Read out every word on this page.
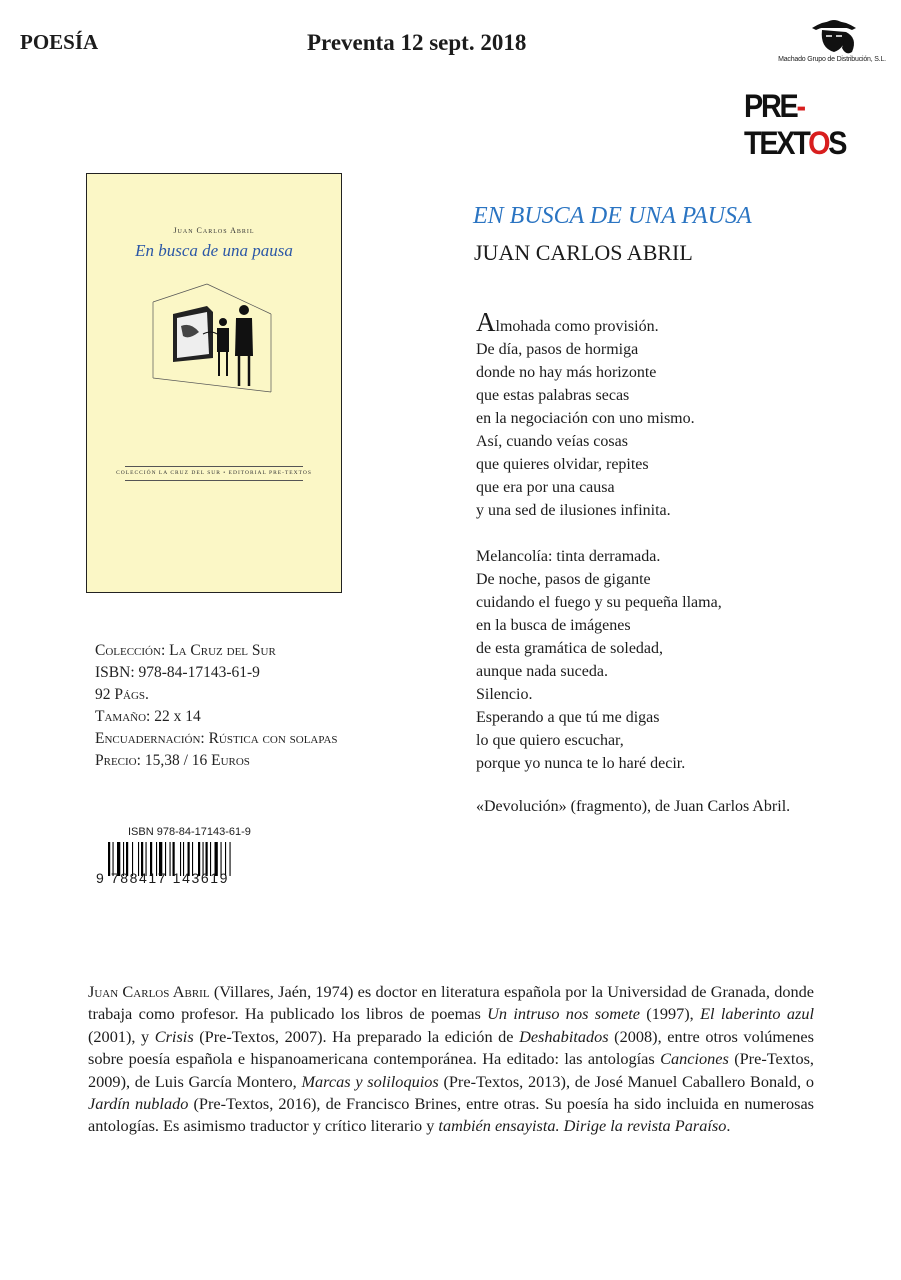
POESÍA	Preventa 12 sept. 2018
Machado Grupo de Distribución, S.L.
PRE-TEXTOS
Juan Carlos Abril
En busca de una pausa
COLECCIÓN LA CRUZ DEL SUR • EDITORIAL PRE-TEXTOS
Colección: La Cruz del Sur
ISBN: 978-84-17143-61-9
92 Págs.
Tamaño: 22 x 14
Encuadernación: Rústica con solapas
Precio: 15,38 / 16 Euros
ISBN 978-84-17143-61-9
9 788417 143619
EN BUSCA DE UNA PAUSA
JUAN CARLOS ABRIL
Almohada como provisión.
De día, pasos de hormiga
donde no hay más horizonte
que estas palabras secas
en la negociación con uno mismo.
Así, cuando veías cosas
que quieres olvidar, repites
que era por una causa
y una sed de ilusiones infinita.
Melancolía: tinta derramada.
De noche, pasos de gigante
cuidando el fuego y su pequeña llama,
en la busca de imágenes
de esta gramática de soledad,
aunque nada suceda.
Silencio.
Esperando a que tú me digas
lo que quiero escuchar,
porque yo nunca te lo haré decir.
«Devolución» (fragmento), de Juan Carlos Abril.
Juan Carlos Abril (Villares, Jaén, 1974) es doctor en literatura española por la Universidad de Granada, donde trabaja como profesor. Ha publicado los libros de poemas Un intruso nos somete (1997), El laberinto azul (2001), y Crisis (Pre-Textos, 2007). Ha preparado la edición de Deshabitados (2008), entre otros volúmenes sobre poesía española e hispanoamericana contemporánea. Ha editado: las antologías Canciones (Pre-Textos, 2009), de Luis García Montero, Marcas y soliloquios (Pre-Textos, 2013), de José Manuel Caballero Bonald, o Jardín nublado (Pre-Textos, 2016), de Francisco Brines, entre otras. Su poesía ha sido incluida en numerosas antologías. Es asimismo traductor y crítico literario y también ensayista. Dirige la revista Paraíso.
